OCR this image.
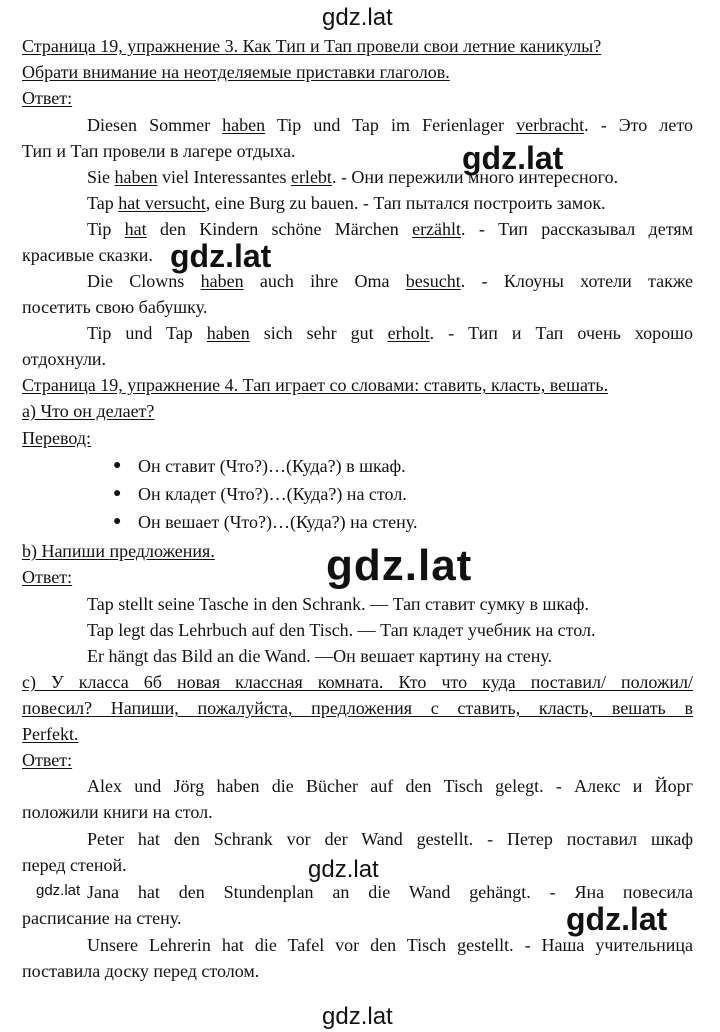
gdz.lat
gdz.lat
gdz.lat
gdz.lat
gdz.lat
gdz.lat
gdz.lat
gdz.lat
Страница 19, упражнение 3. Как Тип и Тап провели свои летние каникулы?
Обрати внимание на неотделяемые приставки глаголов.
Ответ:
Diesen Sommer haben Tip und Tap im Ferienlager verbracht. - Это лето
Тип и Тап провели в лагере отдыха.
Sie haben viel Interessantes erlebt. - Они пережили много интересного.
Tap hat versucht, eine Burg zu bauen. - Тап пытался построить замок.
Tip hat den Kindern schöne Märchen erzählt. - Тип рассказывал детям
красивые сказки.
Die Clowns haben auch ihre Oma besucht. - Клоуны хотели также
посетить свою бабушку.
Tip und Tap haben sich sehr gut erholt. - Тип и Тап очень хорошо
отдохнули.
Страница 19, упражнение 4. Тап играет со словами: ставить, класть, вешать.
а) Что он делает?
Перевод:
● Он ставит (Что?)…(Куда?) в шкаф.
● Он кладет (Что?)…(Куда?) на стол.
● Он вешает (Что?)…(Куда?) на стену.
b) Напиши предложения.
Ответ:
Tap stellt seine Tasche in den Schrank. — Тап ставит сумку в шкаф.
Tap legt das Lehrbuch auf den Tisch. — Тап кладет учебник на стол.
Er hängt das Bild an die Wand. —Он вешает картину на стену.
с) У класса 6б новая классная комната. Кто что куда поставил/ положил/
повесил? Напиши, пожалуйста, предложения с ставить, класть, вешать в
Perfekt.
Ответ:
Alex und Jörg haben die Bücher auf den Tisch gelegt. - Алекс и Йорг
положили книги на стол.
Peter hat den Schrank vor der Wand gestellt. - Петер поставил шкаф
перед стеной.
Jana hat den Stundenplan an die Wand gehängt. - Яна повесила
расписание на стену.
Unsere Lehrerin hat die Tafel vor den Tisch gestellt. - Наша учительница
поставила доску перед столом.
